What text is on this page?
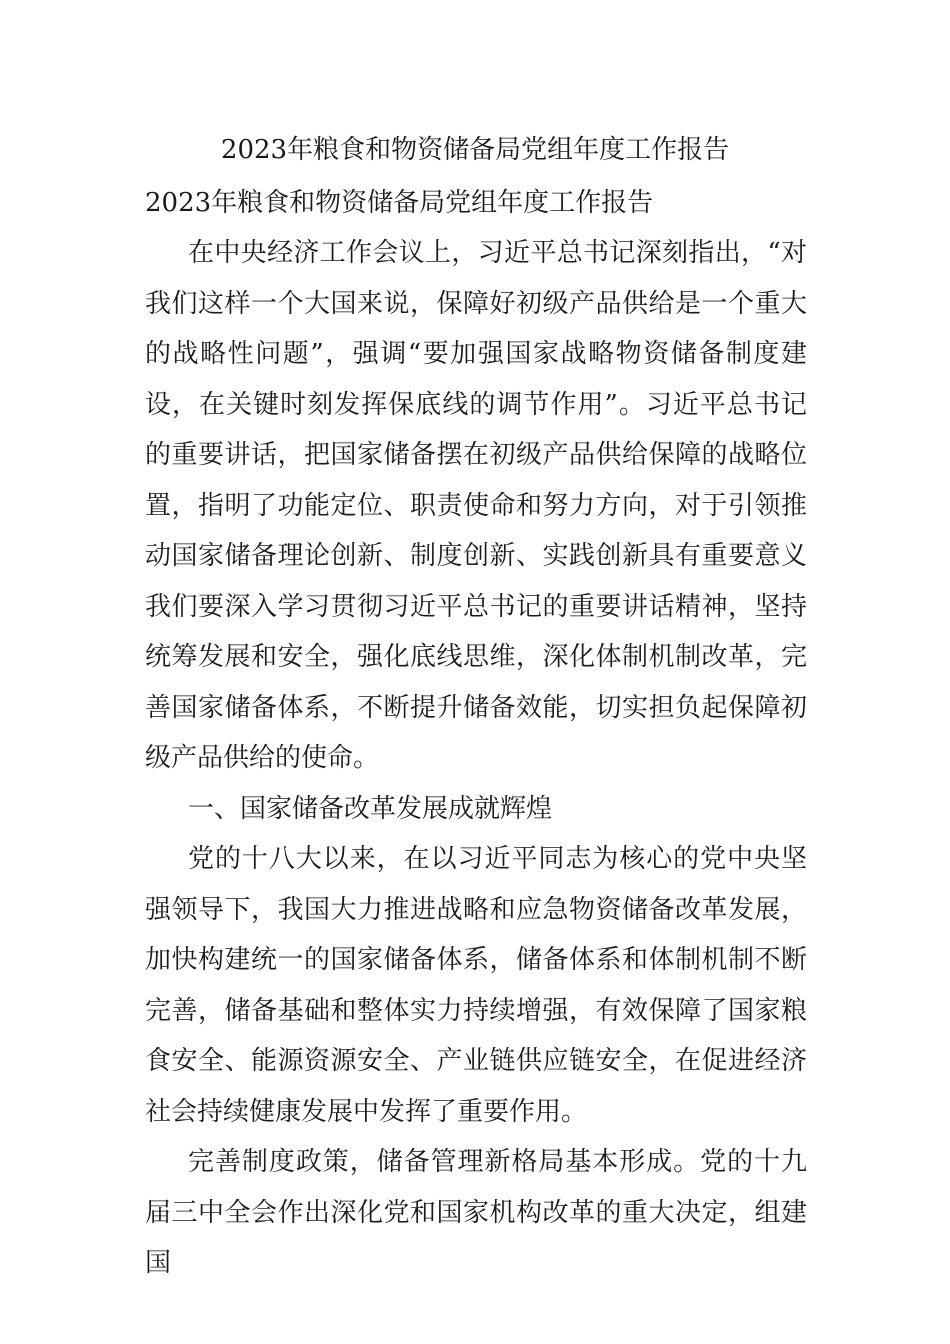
2023年粮食和物资储备局党组年度工作报告
2023年粮食和物资储备局党组年度工作报告

在中央经济工作会议上，习近平总书记深刻指出，“对我们这样一个大国来说，保障好初级产品供给是一个重大的战略性问题”，强调“要加强国家战略物资储备制度建设，在关键时刻发挥保底线的调节作用”。习近平总书记的重要讲话，把国家储备摆在初级产品供给保障的战略位置，指明了功能定位、职责使命和努力方向，对于引领推动国家储备理论创新、制度创新、实践创新具有重要意义我们要深入学习贯彻习近平总书记的重要讲话精神，坚持统筹发展和安全，强化底线思维，深化体制机制改革，完善国家储备体系，不断提升储备效能，切实担负起保障初级产品供给的使命。

一、国家储备改革发展成就辉煌

党的十八大以来，在以习近平同志为核心的党中央坚强领导下，我国大力推进战略和应急物资储备改革发展，加快构建统一的国家储备体系，储备体系和体制机制不断完善，储备基础和整体实力持续增强，有效保障了国家粮食安全、能源资源安全、产业链供应链安全，在促进经济社会持续健康发展中发挥了重要作用。

完善制度政策，储备管理新格局基本形成。党的十九届三中全会作出深化党和国家机构改革的重大决定，组建国
